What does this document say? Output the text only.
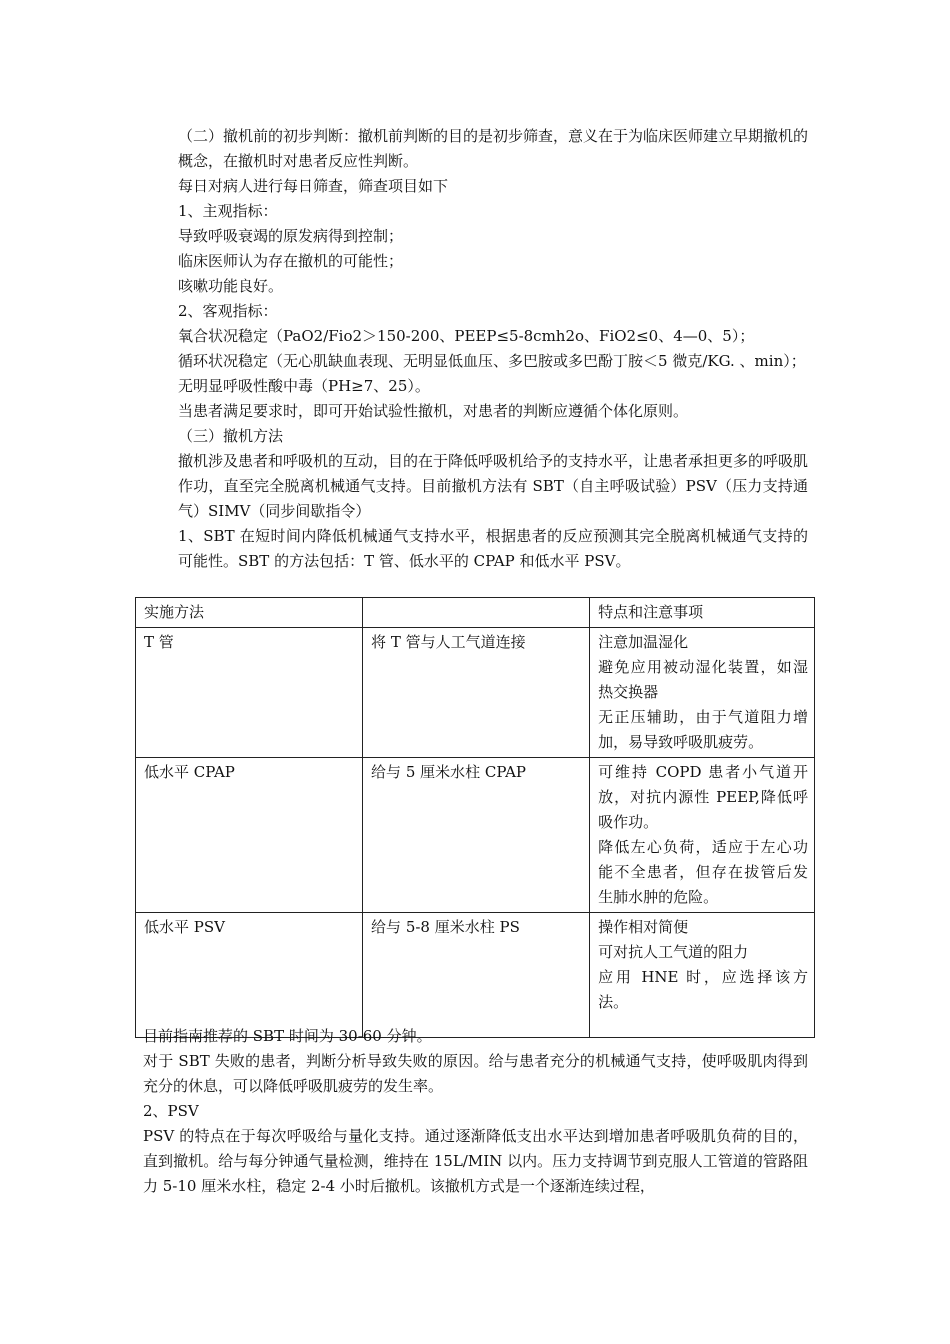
（二）撤机前的初步判断：撤机前判断的目的是初步筛查，意义在于为临床医师建立早期撤机的概念，在撤机时对患者反应性判断。

每日对病人进行每日筛查，筛查项目如下

1、主观指标：

导致呼吸衰竭的原发病得到控制；

临床医师认为存在撤机的可能性；

咳嗽功能良好。

2、客观指标：

氧合状况稳定（PaO2/Fio2＞150-200、PEEP≤5-8cmh2o、FiO2≤0、4—0、5）；

循环状况稳定（无心肌缺血表现、无明显低血压、多巴胺或多巴酚丁胺＜5 微克/KG. 、min）；

无明显呼吸性酸中毒（PH≥7、25）。

当患者满足要求时，即可开始试验性撤机，对患者的判断应遵循个体化原则。

（三）撤机方法

撤机涉及患者和呼吸机的互动，目的在于降低呼吸机给予的支持水平，让患者承担更多的呼吸肌作功，直至完全脱离机械通气支持。目前撤机方法有 SBT（自主呼吸试验）PSV（压力支持通气）SIMV（同步间歇指令）

1、SBT 在短时间内降低机械通气支持水平，根据患者的反应预测其完全脱离机械通气支持的可能性。SBT 的方法包括：T 管、低水平的 CPAP 和低水平 PSV。

实施方法		特点和注意事项
T 管	将 T 管与人工气道连接	注意加温湿化

避免应用被动湿化装置，如湿热交换器

无正压辅助，由于气道阻力增加，易导致呼吸肌疲劳。

低水平 CPAP	给与 5 厘米水柱 CPAP	可维持 COPD 患者小气道开放，对抗内源性 PEEP,降低呼吸作功。

降低左心负荷，适应于左心功能不全患者，但存在拔管后发生肺水肿的危险。

低水平 PSV	给与 5-8 厘米水柱 PS	操作相对简便

可对抗人工气道的阻力

应用 HNE 时，应选择该方法。

目前指南推荐的 SBT 时间为 30-60 分钟。

对于 SBT 失败的患者，判断分析导致失败的原因。给与患者充分的机械通气支持，使呼吸肌肉得到充分的休息，可以降低呼吸肌疲劳的发生率。

2、PSV

PSV 的特点在于每次呼吸给与量化支持。通过逐渐降低支出水平达到增加患者呼吸肌负荷的目的，直到撤机。给与每分钟通气量检测，维持在 15L/MIN 以内。压力支持调节到克服人工管道的管路阻力 5-10 厘米水柱，稳定 2-4 小时后撤机。该撤机方式是一个逐渐连续过程，
